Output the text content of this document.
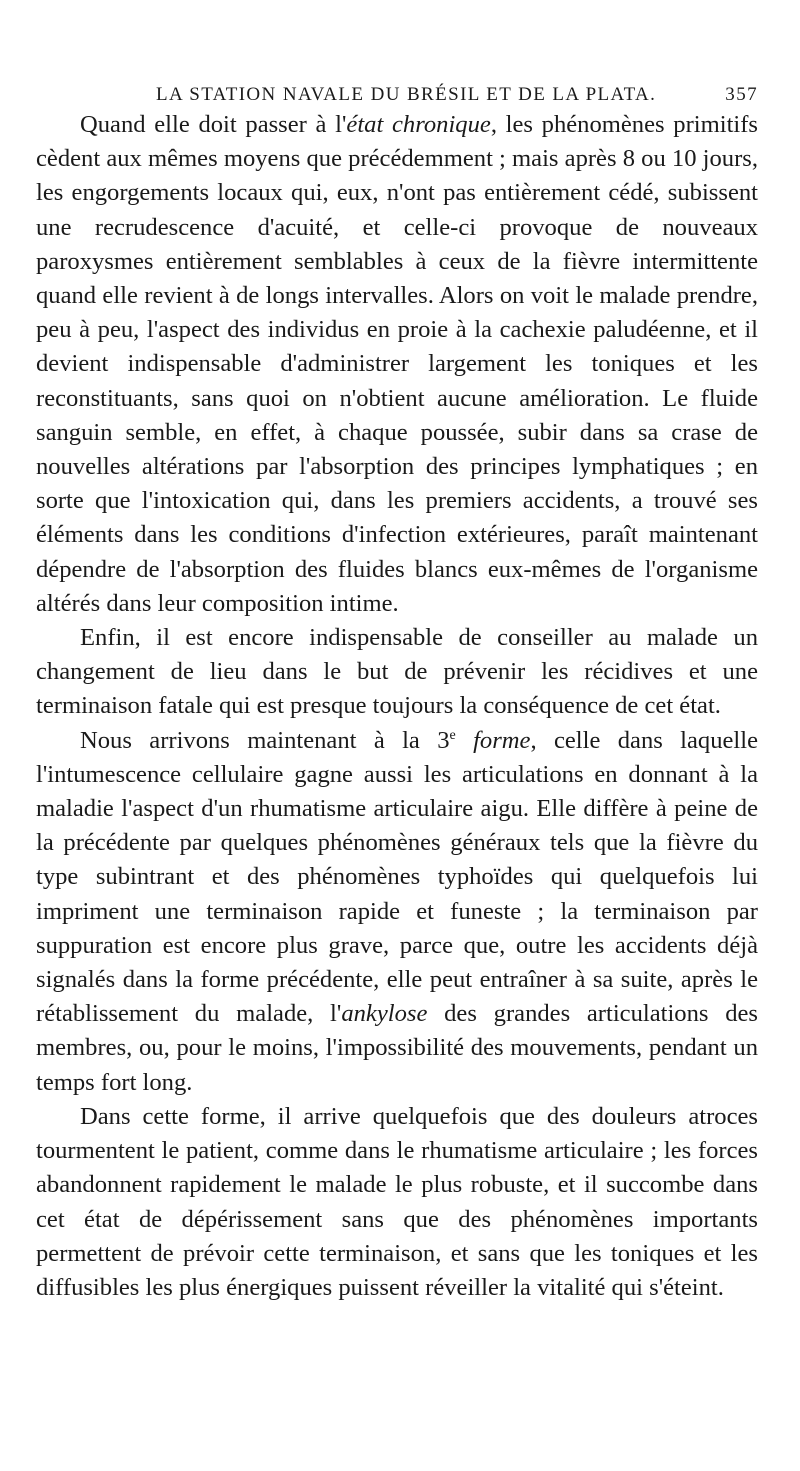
LA STATION NAVALE DU BRÉSIL ET DE LA PLATA.	357

Quand elle doit passer à l'état chronique, les phénomènes primitifs cèdent aux mêmes moyens que précédemment ; mais après 8 ou 10 jours, les engorgements locaux qui, eux, n'ont pas entièrement cédé, subissent une recrudescence d'acuité, et celle-ci provoque de nouveaux paroxysmes entièrement semblables à ceux de la fièvre intermittente quand elle revient à de longs intervalles. Alors on voit le malade prendre, peu à peu, l'aspect des individus en proie à la cachexie paludéenne, et il devient indispensable d'administrer largement les toniques et les reconstituants, sans quoi on n'obtient aucune amélioration. Le fluide sanguin semble, en effet, à chaque poussée, subir dans sa crase de nouvelles altérations par l'absorption des principes lymphatiques ; en sorte que l'intoxication qui, dans les premiers accidents, a trouvé ses éléments dans les conditions d'infection extérieures, paraît maintenant dépendre de l'absorption des fluides blancs eux-mêmes de l'organisme altérés dans leur composition intime.

Enfin, il est encore indispensable de conseiller au malade un changement de lieu dans le but de prévenir les récidives et une terminaison fatale qui est presque toujours la conséquence de cet état.

Nous arrivons maintenant à la 3e forme, celle dans laquelle l'intumescence cellulaire gagne aussi les articulations en donnant à la maladie l'aspect d'un rhumatisme articulaire aigu. Elle diffère à peine de la précédente par quelques phénomènes généraux tels que la fièvre du type subintrant et des phénomènes typhoïdes qui quelquefois lui impriment une terminaison rapide et funeste ; la terminaison par suppuration est encore plus grave, parce que, outre les accidents déjà signalés dans la forme précédente, elle peut entraîner à sa suite, après le rétablissement du malade, l'ankylose des grandes articulations des membres, ou, pour le moins, l'impossibilité des mouvements, pendant un temps fort long.

Dans cette forme, il arrive quelquefois que des douleurs atroces tourmentent le patient, comme dans le rhumatisme articulaire ; les forces abandonnent rapidement le malade le plus robuste, et il succombe dans cet état de dépérissement sans que des phénomènes importants permettent de prévoir cette terminaison, et sans que les toniques et les diffusibles les plus énergiques puissent réveiller la vitalité qui s'éteint.
